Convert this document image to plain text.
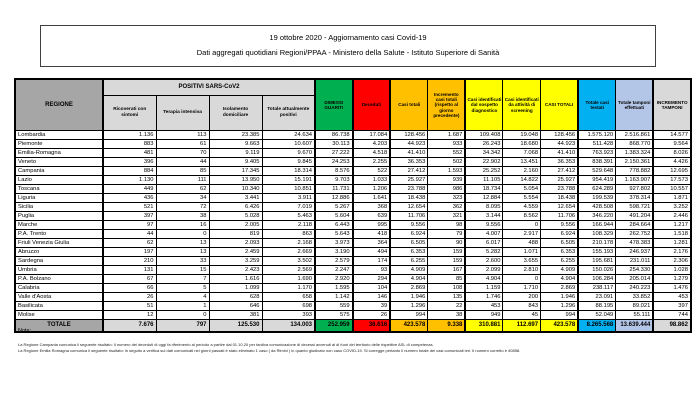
19 ottobre 2020 - Aggiornamento casi Covid-19
Dati aggregati quotidiani Regioni/PPAA - Ministero della Salute - Istituto Superiore di Sanità
REGIONE	POSITIVI SARS-CoV2				DIMESSI GUARITI	Deceduti	Casi totali	Incremento casi totali (rispetto al giorno precedente)	Casi identificati dal sospetto diagnostico	Casi identificati da attività di screening	CASI TOTALI	Totale casi testati	Totale tamponi effettuati	INCREMENTO TAMPONI
	Ricoverati con sintomi	Terapia intensiva	Isolamento domiciliare	Totale attualmente positivi										
Lombardia	1.136	113	23.385	24.634	86.738	17.084	128.456	1.687	109.408	19.048	128.456	1.575.120	2.516.861	14.577
Piemonte	883	61	9.663	10.607	30.113	4.203	44.923	933	26.243	18.680	44.923	511.428	868.770	9.564
Emilia-Romagna	481	70	9.119	9.670	27.222	4.518	41.410	552	34.342	7.068	41.410	763.923	1.383.324	8.026
Veneto	396	44	9.405	9.845	24.253	2.255	36.353	502	22.902	13.451	36.353	838.391	2.150.361	4.426
Campania	884	85	17.345	18.314	8.576	522	27.412	1.593	25.252	2.160	27.412	529.648	778.882	12.695
Lazio	1.130	111	13.950	15.191	9.703	1.033	25.927	939	11.105	14.822	25.927	954.419	1.163.907	17.573
Toscana	449	62	10.340	10.851	11.731	1.206	23.788	986	18.734	5.054	23.788	624.289	927.802	10.557
Liguria	436	34	3.441	3.911	12.886	1.641	18.438	323	12.884	5.554	18.438	199.539	378.314	1.871
Sicilia	521	72	6.426	7.019	5.267	368	12.654	362	8.095	4.559	12.654	428.508	598.721	3.252
Puglia	397	38	5.028	5.463	5.604	639	11.706	321	3.144	8.562	11.706	346.220	491.204	2.446
Marche	97	16	2.005	2.118	6.443	995	9.556	98	9.556	0	9.556	166.944	284.664	1.217
P.A. Trento	44	0	819	863	5.643	418	6.924	79	4.007	2.917	6.924	108.329	262.752	1.518
Friuli Venezia Giulia	62	13	2.093	2.168	3.973	364	6.505	90	6.017	488	6.505	210.178	478.383	1.281
Abruzzo	197	13	2.459	2.669	3.190	494	6.353	159	5.282	1.071	6.353	155.193	246.937	2.176
Sardegna	210	33	3.259	3.502	2.579	174	6.255	159	2.600	3.655	6.255	195.681	231.011	2.306
Umbria	131	15	2.423	2.569	2.247	93	4.909	167	2.099	2.810	4.909	150.026	254.330	1.028
P.A. Bolzano	67	7	1.616	1.690	2.920	294	4.904	85	4.904	0	4.904	106.284	205.014	1.279
Calabria	66	5	1.099	1.170	1.595	104	2.869	108	1.159	1.710	2.869	238.117	240.223	1.476
Valle d'Aosta	26	4	628	658	1.142	146	1.946	135	1.746	200	1.946	23.091	33.852	453
Basilicata	51	1	646	698	559	39	1.296	22	453	843	1.296	88.195	89.021	397
Molise	12	0	381	393	575	26	994	38	949	45	994	52.049	55.111	744
TOTALE	7.676	797	125.530	134.003	252.959	36.616	423.578	9.338	310.881	112.697	423.578	8.265.568	13.639.444	98.862
Note:
La Regione Campania comunica il seguente risultato: Il numero dei deceduti di oggi fa riferimento al periodo a partire dal 01.10.20 per tardiva comunicazione di decessi avvenuti al di fuori del territorio delle rispettive ASL di competenza.
La Regione Emilia Romagna comunica il seguente risultato: in seguito a verifica sui dati comunicati nei giorni passati è stato eliminato 1 caso ( da Rimini ) in quanto giudicato non caso COVID-19. Si corregge pertanto il numero totale dei casi comunicati ieri. Il numero corretto è 40858.
